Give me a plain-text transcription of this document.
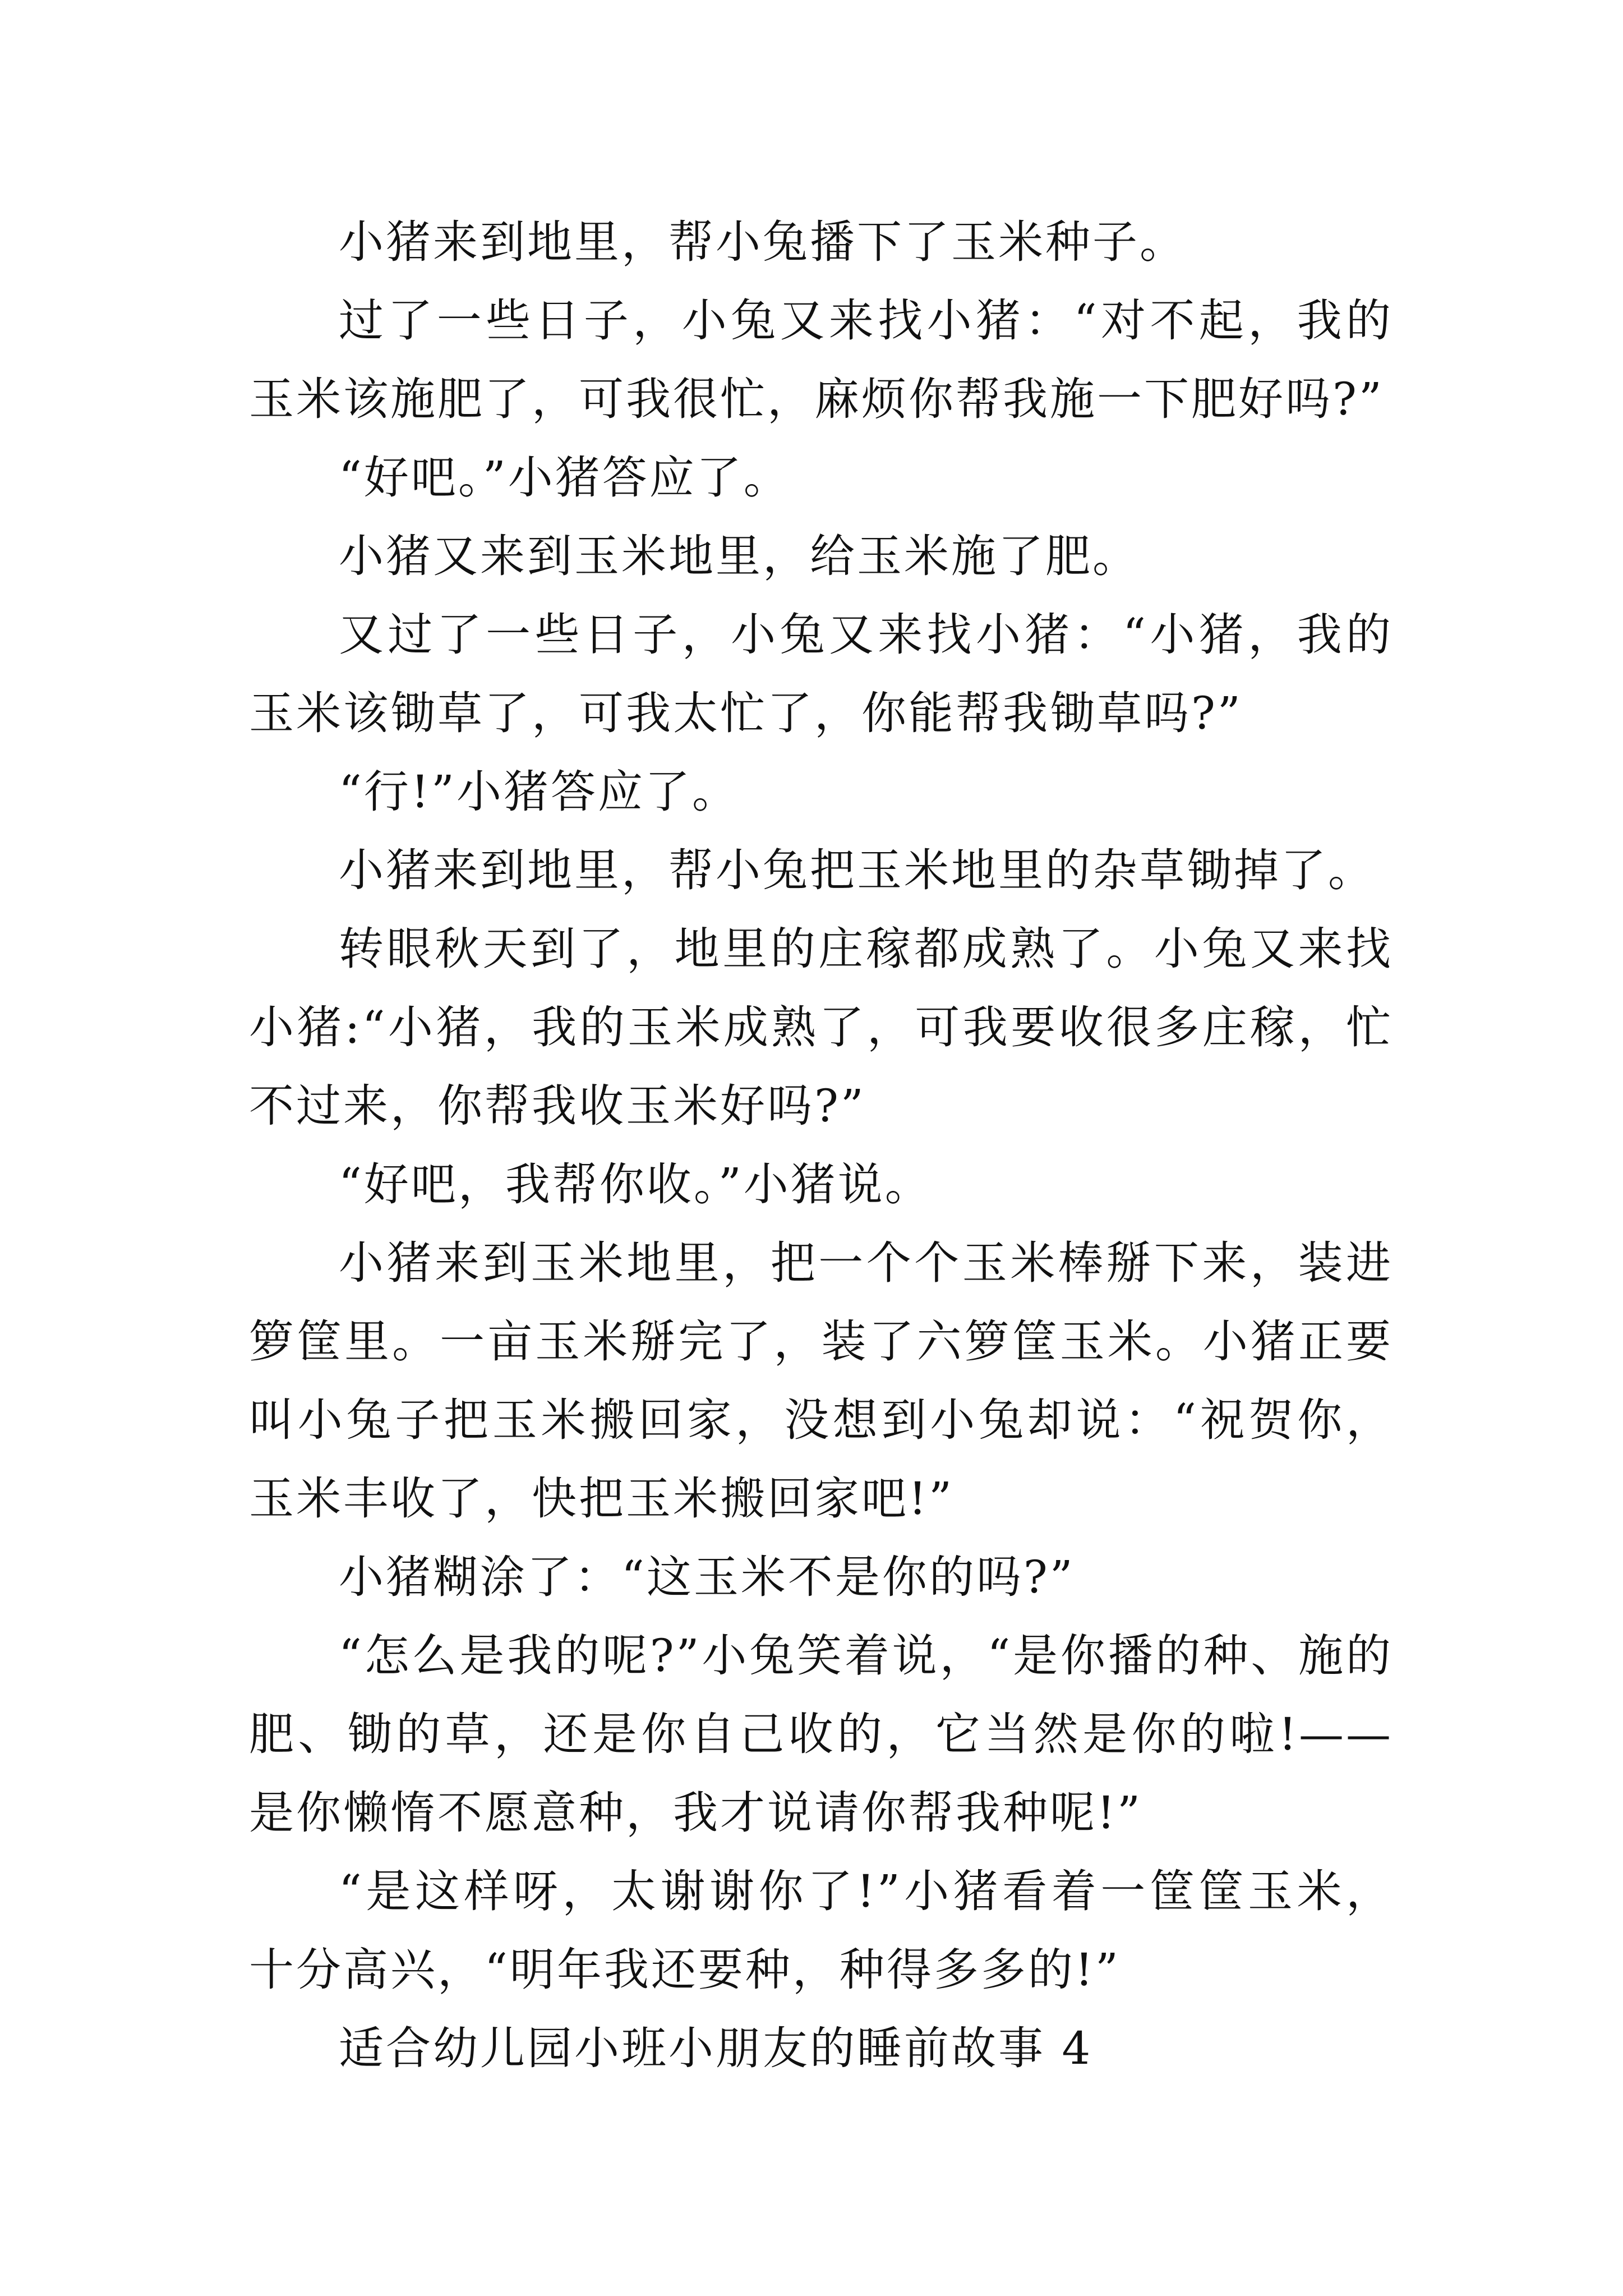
小猪来到地里，帮小兔播下了玉米种子。

过了一些日子，小兔又来找小猪：“对不起，我的玉米该施肥了，可我很忙，麻烦你帮我施一下肥好吗?”

“好吧。”小猪答应了。

小猪又来到玉米地里，给玉米施了肥。

又过了一些日子，小兔又来找小猪：“小猪，我的玉米该锄草了，可我太忙了，你能帮我锄草吗?”

“行!”小猪答应了。

小猪来到地里，帮小兔把玉米地里的杂草锄掉了。

转眼秋天到了，地里的庄稼都成熟了。小兔又来找小猪:“小猪，我的玉米成熟了，可我要收很多庄稼，忙不过来，你帮我收玉米好吗?”

“好吧，我帮你收。”小猪说。

小猪来到玉米地里，把一个个玉米棒掰下来，装进箩筐里。一亩玉米掰完了，装了六箩筐玉米。小猪正要叫小兔子把玉米搬回家，没想到小兔却说：“祝贺你，玉米丰收了，快把玉米搬回家吧!”

小猪糊涂了：“这玉米不是你的吗?”

“怎么是我的呢?”小兔笑着说，“是你播的种、施的肥、锄的草，还是你自己收的，它当然是你的啦!——是你懒惰不愿意种，我才说请你帮我种呢!”

“是这样呀，太谢谢你了!”小猪看着一筐筐玉米，十分高兴，“明年我还要种，种得多多的!”

适合幼儿园小班小朋友的睡前故事 4
